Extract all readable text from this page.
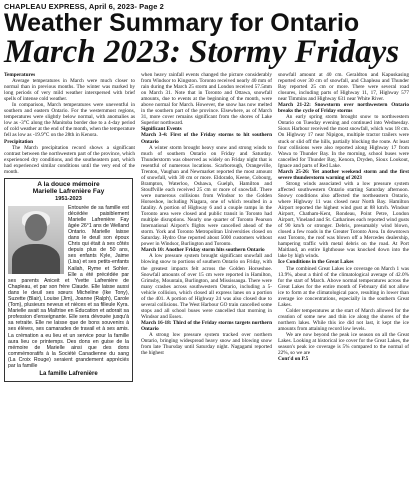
CHAPLEAU EXPRESS, April 6, 2023- Page 2
Weather Summary for Ontario
March 2023: Stormy Fridays

Temperatures

Average temperatures in March were much closer to normal than in previous months. The winter was marked by long periods of very mild weather interspersed with brief spells of intense cold weather.

In comparison, March temperatures were uneventful in southern and eastern Ontario. For the westernmost regions, temperatures were slightly below normal, with anomalies as low as -3°C along the Manitoba border due to a 4-day period of cold weather at the end of the month, when the temperature fell as low as -19.9°C on the 28th in Kenora.

Precipitation

The March precipitation record shows a significant contrast between the northwestern part of the province, which experienced dry conditions, and the southeastern part, which had experienced similar conditions until the very end of the month.

A la douce mémoire
Marielle Lafrenière Fay
1951-2023
Entourée de sa famille est décédée paisiblement Marielle Lafrenière Fay âgée 26°1 ans de Welland Ontario. Marielle laisse dans le deuil son époux Chris qui était à ses côtés depuis plus de 50 ans, ses enfants Kyle, Jaime (Lisa) et ses petits-enfants Kailah, Ryme et Sohler. Elle a été précédée par ses parents Aniceit et Yvette Lafrenière de Chapleau, et par son frère Claude. Elle laisse aussi dans le deuil ses sœurs Micheline (Ike Tony), Suzette (Blair), Louise (Jim), Joanne (Ralph), Carole (Tom), plusieurs neveux et nièces et sa filleule Kyra. Marielle avait sa Maîtrise en Éducation et adorait sa profession d'enseignante. Elle sera dévouée jusqu'à sa retraite. Elle ne laisse que de bons souvenirs à ses élèves, ses camarades de travail et à ses amis. La crémation a eu lieu et un service pour la famille aura lieu ce printemps. Des dons en guise de la mémoire de Marielle ainsi que des dons commémoratifs à la Société Canadienne du sang (La Croix Rouge) seraient grandement appréciés par la famille
La famille Lafrenière

when heavy rainfall events changed the picture considerably from Windsor to Kingston. Toronto received nearly 40 mm of rain during the March 25 storm and London received 57.5mm on March 31. Note that in Toronto and Ottawa, snowfall amounts, due to events at the beginning of the month, were above normal for March. However, the snow has now melted in the southern part of the province. Elsewhere, as of March 31, more cover remains significant from the shores of Lake Superior northward.

Significant Events

March 3-4: First of the Friday storms to hit southern Ontario

A winter storm brought heavy snow and strong winds to much of southern Ontario on Friday and Saturday. Thunderstorm was observed as widely on Friday night that is resentful of numerous locations. Scarborough, Orangeville, Trenton, Vaughan and Newmarket reported the most amount of snowfall, with 30 cm or more. Eldorado, Keene, Cobourg, Brampton, Waterloo, Oshawa, Guelph, Hamilton and Stouffville each received 25 cm or more of snowfall. There were numerous collisions from Windsor to the Golden Horseshoe, including Niagara, one of which resulted in a fatality. A portion of Highway 6 and a couple ramps in the Toronto area were closed and public transit in Toronto had multiple disruptions. Nearly one quarter of Toronto Pearson International Airport's flights were cancelled ahead of the storm. York and Toronto Metropolitan Universities closed on Saturday. Hydro One reported about 5000 customers without power in Windsor, Burlington and Toronto.

March 10: Another Friday storm hits southern Ontario

A low pressure system brought significant snowfall and blowing snow to portions of southern Ontario on Friday, with the greatest impacts felt across the Golden Horseshoe. Snowfall amounts of over 15 cm were reported in Hamilton, Grimsby, Mountain, Burlington, and Mississauga. There were many crashes across southwestern Ontario, including a 5-vehicle collision, which closed all express lanes on a portion of the 401. A portion of Highway 24 was also closed due to several collisions. The West Harbour GO train cancelled some stops and all school buses were cancelled that morning in Windsor and Essex.

March 16-18: Third of the Friday storms targets northern Ontario

A strong low pressure system tracked over northern Ontario, bringing widespread heavy snow and blowing snow from late Thursday until Saturday night. Nagagami reported the highest

snowfall amount at 40 cm. Geraldton and Kapuskasing reported over 30 cm of snowfall, and Chapleau and Thunder Bay reported 25 cm or more. There were several road closures, including parts of Highway 11, 17, Highway 577 near Timmins and Highway 631 near White River.

March 21-22: Snowstorm over northwestern Ontario breaks the cycle of Friday storms

An early spring storm brought snow to northwestern Ontario on Tuesday evening and continued into Wednesday. Sioux Harbour received the most snowfall, which was 18 cm. On Highway 17 near Nipigon, multiple tractor trailers were stuck or slid off the hills, partially blocking the route. At least four collisions were also reported along Highway 17 from Wawa to Thunder Bay. In the morning, school buses were cancelled for Thunder Bay, Kenora, Dryden, Sioux Lookout, Ignace and parts of Red Lake.

March 25-26: Yet another weekend storm and the first severe thunderstorm warning of 2023

Strong winds associated with a low pressure system affected southwestern Ontario starting Saturday afternoon. Snowy conditions also affected the northeastern Ontario, where Highway 11 was closed near North Bay. Hamilton Airport reported the highest wind gust at 88 km/h. Windsor Airport, Chatham-Kent, Rondeau, Point Petre, London Airport, Vineland and St. Catharines each reported wind gusts of 90 km/h or stronger. Debris, presumably wind blown, closed a few roads in the Greater Toronto Area. In downtown east Toronto, the roof was blown off a Mercedes dealership, hampering traffic with metal debris on the road. At Port Maitland, an entire lighthouse was knocked down into the lake by high winds.

Ice Conditions in the Great Lakes

The combined Great Lakes ice coverage on March 1 was 13.9%, about a third of the climatological average of 42.0% for the start of March. Above normal temperatures across the Great Lakes for the entire month of February did not allow ice to form at the climatological pace, resulting in lower than average ice concentrations, especially in the southern Great Lakes.

Colder temperatures at the start of March allowed for the creation of some new and thin ice along the shores of the northern lakes. While this ice did not last, it kept the ice amounts from attaining record low levels.

We are now beyond the peak ice season on all the Great Lakes. Looking at historical ice cover for the Great Lakes, the season's peak ice coverage is 5% compared to the normal of 22%, so we are

Cont'd on P.5
